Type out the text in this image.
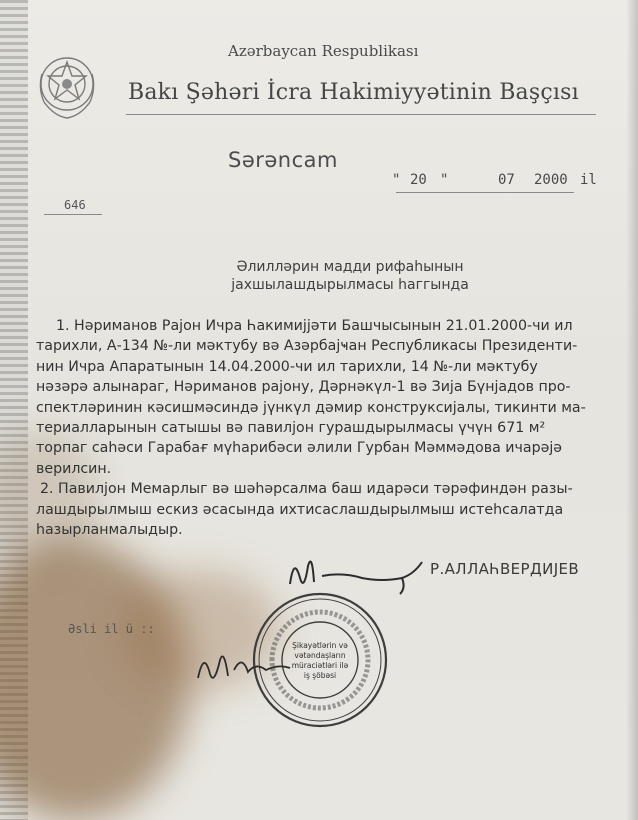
Azərbaycan Respublikası
Bakı Şəhəri İcra Hakimiyyətinin Başçısı
Sərəncam
" 20 "	07 2000 il
646
Әлиллəрин мадди рифаһынын
јахшылашдырылмасы һаггында

1. Нəриманов Рајон Ичра Һакимијјəти Башчысынын 21.01.2000-чи ил

тарихли, А-134 №-ли мəктубу вə Азəрбајҹан Республикасы Президенти-

нин Ичра Апаратынын 14.04.2000-чи ил тарихли, 14 №-ли мəктубу

нəзəрə алынараг, Нəриманов рајону, Дəрнəкүл-1 вə Зија Бүнјадов про-

спектлəринин кəсишмəсиндə јүнкүл дəмир конструксијалы, тикинти ма-

териалларынын сатышы вə павилјон гурашдырылмасы үчүн 671 м²

торпаг саһəси Гарабағ мүһарибəси əлили Гурбан Мəммəдова ичарəјə

верилсин.

2. Павилјон Мемарлыг вə шəһəрсалма баш идарəси тəрəфиндəн разы-

лашдырылмыш ескиз əсасында ихтисаслашдырылмыш истеһсалатда

һазырланмалыдыр.

Р.АЛЛАҺВЕРДИЈЕВ
Əsli il ü ː:
Şikayətlərin və
vətəndaşların
müraciətləri ilə
iş şöbəsi
